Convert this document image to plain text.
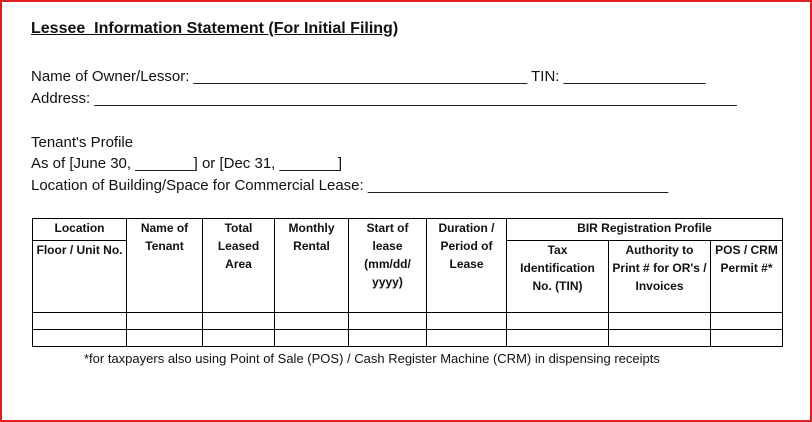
Lessee  Information Statement (For Initial Filing)
Name of Owner/Lessor: ________________________________________ TIN: _________________
Address: _____________________________________________________________________________
Tenant's Profile
As of [June 30, _______] or [Dec 31, _______]
Location of Building/Space for Commercial Lease: ____________________________________
Location	Name of Tenant	Total Leased Area	Monthly Rental	Start of lease (mm/dd/ yyyy)	Duration / Period of Lease	BIR Registration Profile		
Floor / Unit No.						Tax Identification No. (TIN)	Authority to Print # for OR's / Invoices	POS / CRM Permit #*

*for taxpayers also using Point of Sale (POS) / Cash Register Machine (CRM) in dispensing receipts
